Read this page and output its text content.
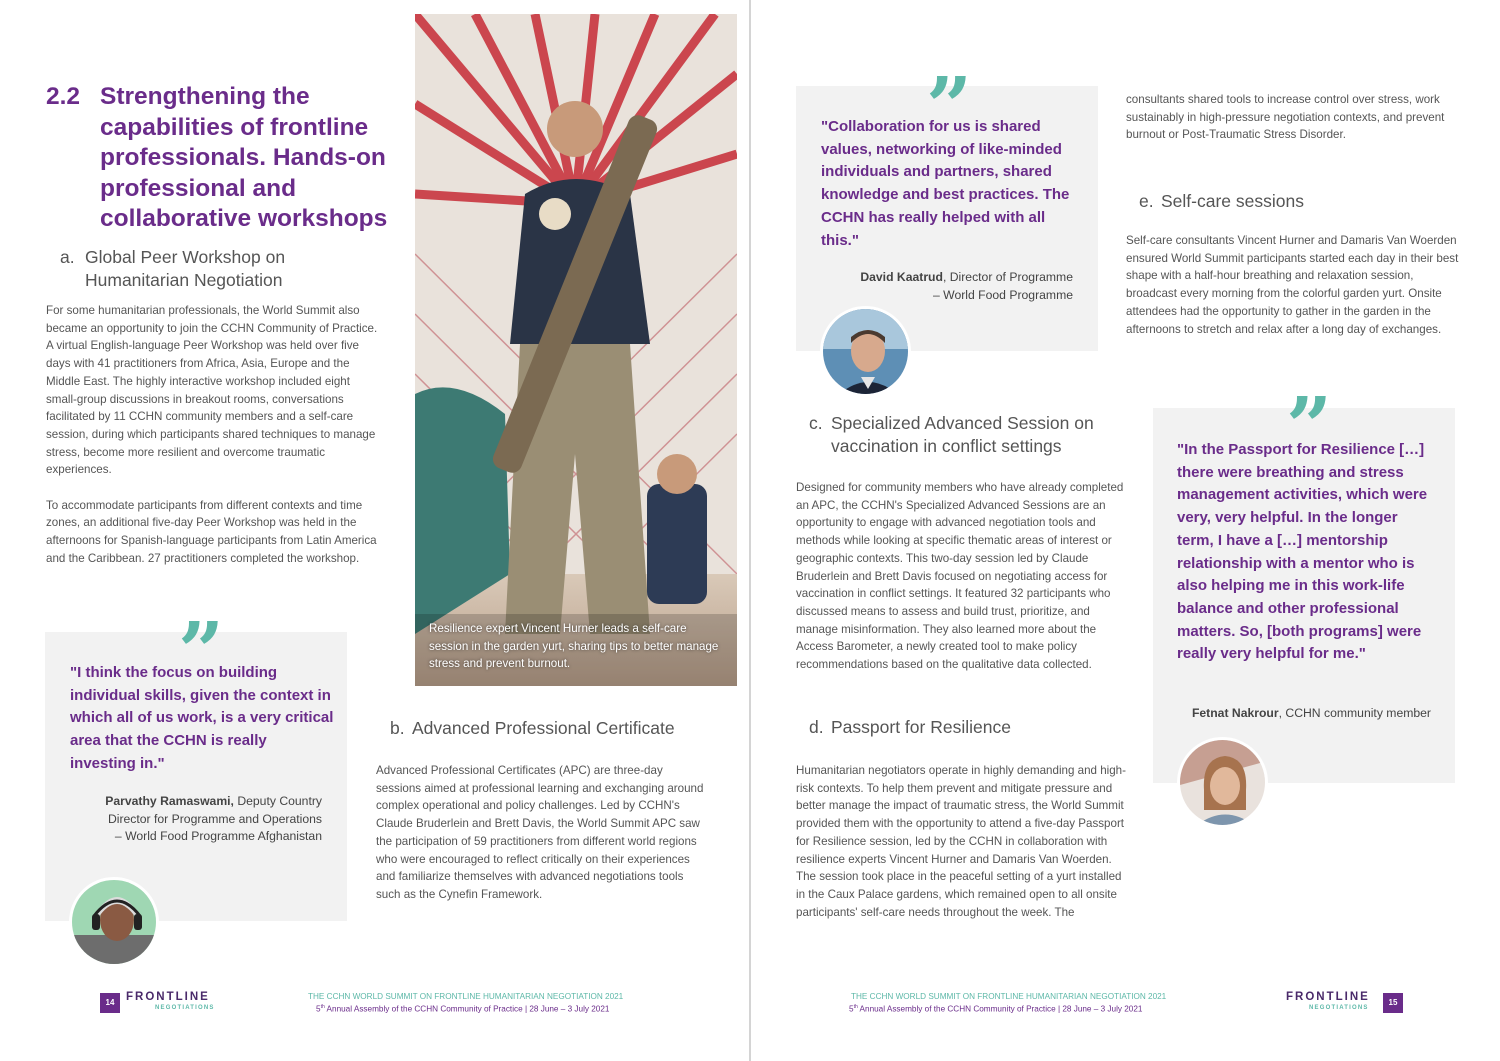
2.2 Strengthening the capabilities of frontline professionals. Hands-on professional and collaborative workshops
a. Global Peer Workshop on Humanitarian Negotiation

For some humanitarian professionals, the World Summit also became an opportunity to join the CCHN Community of Practice. A virtual English-language Peer Workshop was held over five days with 41 practitioners from Africa, Asia, Europe and the Middle East. The highly interactive workshop included eight small-group discussions in breakout rooms, conversations facilitated by 11 CCHN community members and a self-care session, during which participants shared techniques to manage stress, become more resilient and overcome traumatic experiences.

To accommodate participants from different contexts and time zones, an additional five-day Peer Workshop was held in the afternoons for Spanish-language participants from Latin America and the Caribbean. 27 practitioners completed the workshop.

”
"I think the focus on building individual skills, given the context in which all of us work, is a very critical area that the CCHN is really investing in."
Parvathy Ramaswami, Deputy Country
Director for Programme and Operations
– World Food Programme Afghanistan
Resilience expert Vincent Hurner leads a self-care session in the garden yurt, sharing tips to better manage stress and prevent burnout.
b. Advanced Professional Certificate

Advanced Professional Certificates (APC) are three-day sessions aimed at professional learning and exchanging around complex operational and policy challenges. Led by CCHN's Claude Bruderlein and Brett Davis, the World Summit APC saw the participation of 59 practitioners from different world regions who were encouraged to reflect critically on their experiences and familiarize themselves with advanced negotiations tools such as the Cynefin Framework.

14	FRONTLINE
NEGOTIATIONS
THE CCHN WORLD SUMMIT ON FRONTLINE HUMANITARIAN NEGOTIATION 2021
5th Annual Assembly of the CCHN Community of Practice | 28 June – 3 July 2021
”
"Collaboration for us is shared values, networking of like-minded individuals and partners, shared knowledge and best practices. The CCHN has really helped with all this."
David Kaatrud, Director of Programme
– World Food Programme
c. Specialized Advanced Session on vaccination in conflict settings

Designed for community members who have already completed an APC, the CCHN's Specialized Advanced Sessions are an opportunity to engage with advanced negotiation tools and methods while looking at specific thematic areas of interest or geographic contexts. This two-day session led by Claude Bruderlein and Brett Davis focused on negotiating access for vaccination in conflict settings. It featured 32 participants who discussed means to assess and build trust, prioritize, and manage misinformation. They also learned more about the Access Barometer, a newly created tool to make policy recommendations based on the qualitative data collected.

d. Passport for Resilience

Humanitarian negotiators operate in highly demanding and high-risk contexts. To help them prevent and mitigate pressure and better manage the impact of traumatic stress, the World Summit provided them with the opportunity to attend a five-day Passport for Resilience session, led by the CCHN in collaboration with resilience experts Vincent Hurner and Damaris Van Woerden. The session took place in the peaceful setting of a yurt installed in the Caux Palace gardens, which remained open to all onsite participants' self-care needs throughout the week. The

consultants shared tools to increase control over stress, work sustainably in high-pressure negotiation contexts, and prevent burnout or Post-Traumatic Stress Disorder.

e. Self-care sessions

Self-care consultants Vincent Hurner and Damaris Van Woerden ensured World Summit participants started each day in their best shape with a half-hour breathing and relaxation session, broadcast every morning from the colorful garden yurt. Onsite attendees had the opportunity to gather in the garden in the afternoons to stretch and relax after a long day of exchanges.

”
"In the Passport for Resilience […] there were breathing and stress management activities, which were very, very helpful. In the longer term, I have a […] mentorship relationship with a mentor who is also helping me in this work-life balance and other professional matters. So, [both programs] were really very helpful for me."
Fetnat Nakrour, CCHN community member
THE CCHN WORLD SUMMIT ON FRONTLINE HUMANITARIAN NEGOTIATION 2021
5th Annual Assembly of the CCHN Community of Practice | 28 June – 3 July 2021
FRONTLINE
NEGOTIATIONS
15
